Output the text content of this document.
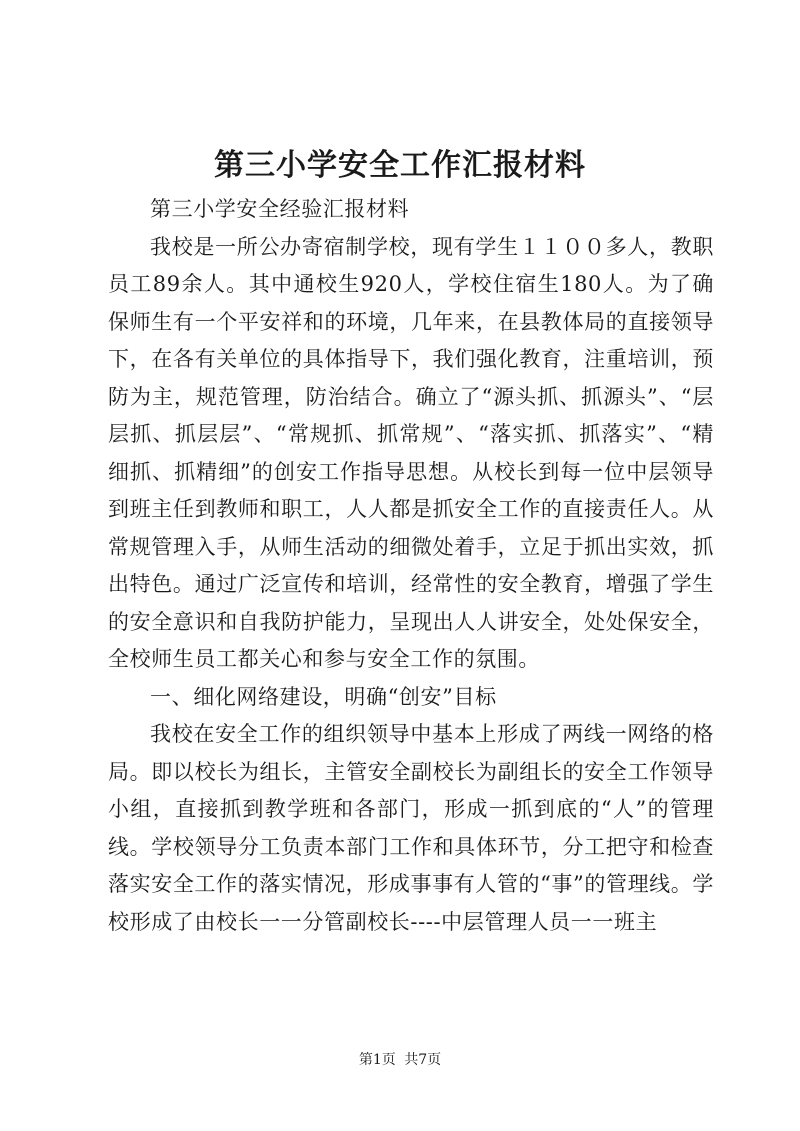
第三小学安全工作汇报材料

第三小学安全经验汇报材料

我校是一所公办寄宿制学校，现有学生１１００多人，教职员工89余人。其中通校生920人，学校住宿生180人。为了确保师生有一个平安祥和的环境，几年来，在县教体局的直接领导下，在各有关单位的具体指导下，我们强化教育，注重培训，预防为主，规范管理，防治结合。确立了“源头抓、抓源头”、“层层抓、抓层层”、“常规抓、抓常规”、“落实抓、抓落实”、“精细抓、抓精细”的创安工作指导思想。从校长到每一位中层领导到班主任到教师和职工，人人都是抓安全工作的直接责任人。从常规管理入手，从师生活动的细微处着手，立足于抓出实效，抓出特色。通过广泛宣传和培训，经常性的安全教育，增强了学生的安全意识和自我防护能力，呈现出人人讲安全，处处保安全，全校师生员工都关心和参与安全工作的氛围。

一、细化网络建设，明确“创安”目标

我校在安全工作的组织领导中基本上形成了两线一网络的格局。即以校长为组长，主管安全副校长为副组长的安全工作领导小组，直接抓到教学班和各部门，形成一抓到底的“人”的管理线。学校领导分工负责本部门工作和具体环节，分工把守和检查落实安全工作的落实情况，形成事事有人管的“事”的管理线。学校形成了由校长一一分管副校长----中层管理人员一一班主

第1页 共7页
